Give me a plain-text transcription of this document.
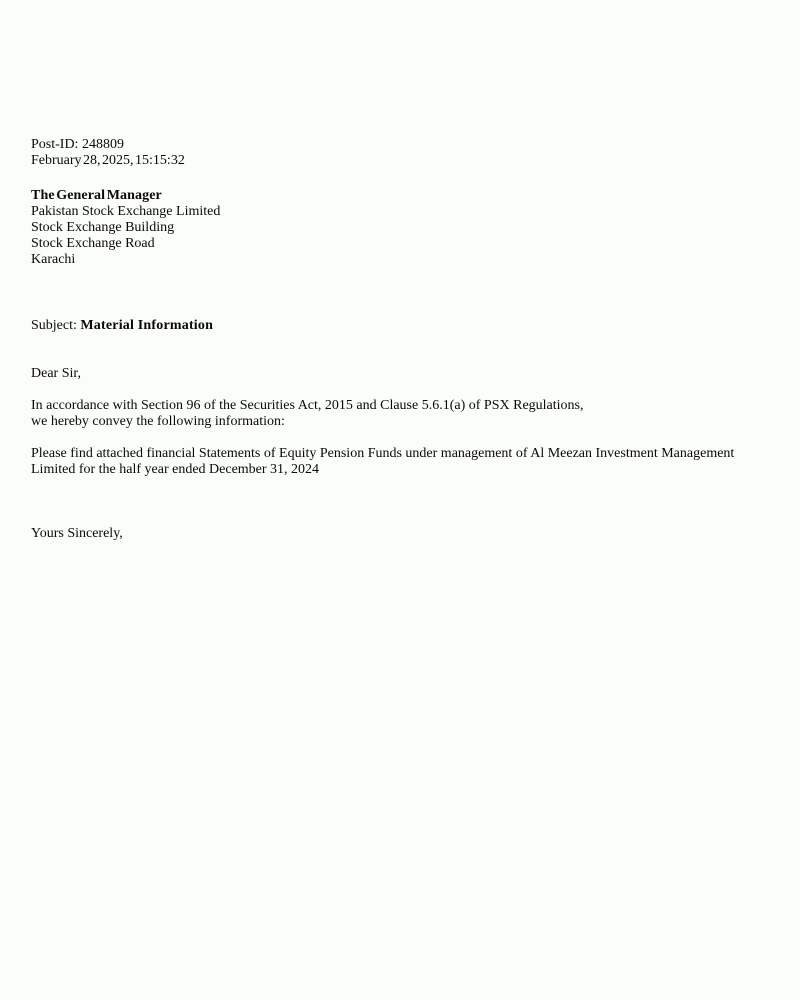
Post-ID: 248809
February 28, 2025, 15:15:32

The General Manager
Pakistan Stock Exchange Limited
Stock Exchange Building
Stock Exchange Road
Karachi

Subject: Material Information

Dear Sir,

In accordance with Section 96 of the Securities Act, 2015 and Clause 5.6.1(a) of PSX Regulations,
we hereby convey the following information:

Please find attached financial Statements of Equity Pension Funds under management of Al Meezan Investment Management
Limited for the half year ended December 31, 2024

Yours Sincerely,
